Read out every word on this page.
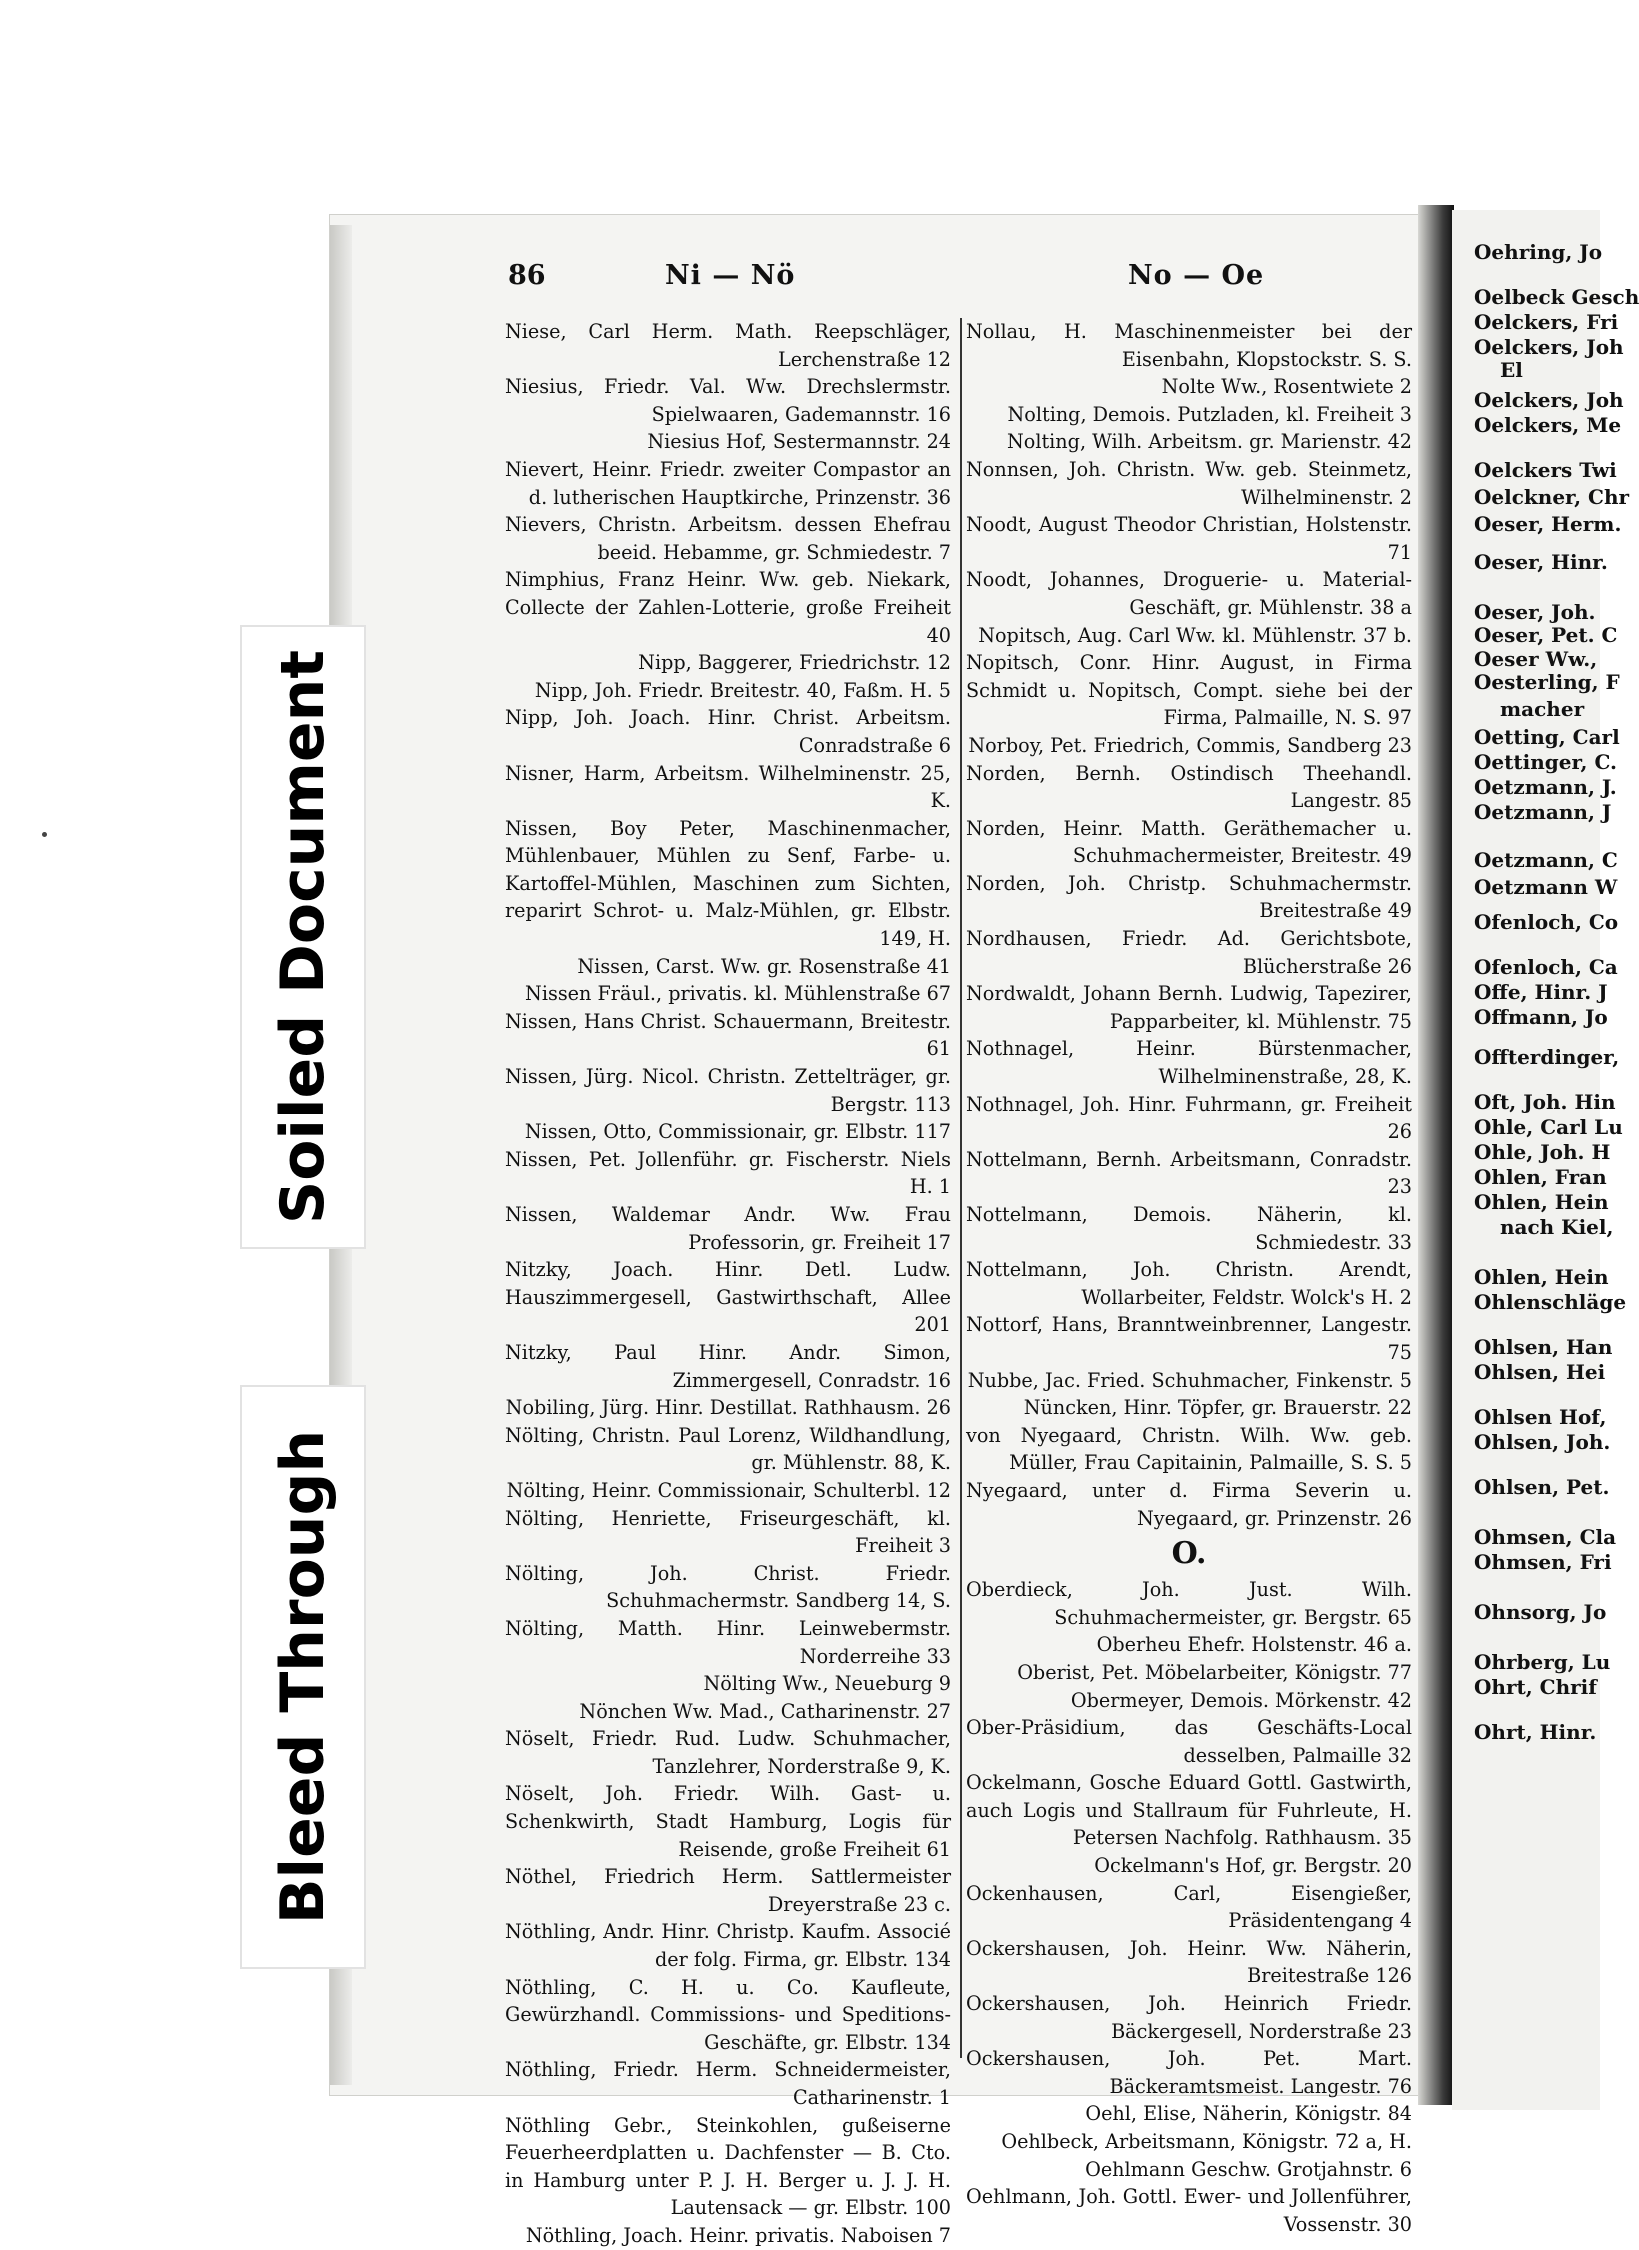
Oehring, Jo
Oelbeck Gesch
Oelckers, Fri
Oelckers, Joh
El
Oelckers, Joh
Oelckers, Me
Oelckers Twi
Oelckner, Chr
Oeser, Herm.
Oeser, Hinr.
Oeser, Joh.
Oeser, Pet. C
Oeser Ww.,
Oesterling, F
macher
Oetting, Carl
Oettinger, C.
Oetzmann, J.
Oetzmann, J
Oetzmann, C
Oetzmann W
Ofenloch, Co
Ofenloch, Ca
Offe, Hinr. J
Offmann, Jo
Offterdinger,
Oft, Joh. Hin
Ohle, Carl Lu
Ohle, Joh. H
Ohlen, Fran
Ohlen, Hein
nach Kiel,
Ohlen, Hein
Ohlenschläge
Ohlsen, Han
Ohlsen, Hei
Ohlsen Hof,
Ohlsen, Joh.
Ohlsen, Pet.
Ohmsen, Cla
Ohmsen, Fri
Ohnsorg, Jo
Ohrberg, Lu
Ohrt, Chrif
Ohrt, Hinr.
86	Ni — Nö	No — Oe

Niese, Carl Herm. Math. Reepschläger, Lerchenstraße 12

Niesius, Friedr. Val. Ww. Drechslermstr. Spielwaaren, Gademannstr. 16

Niesius Hof, Sestermannstr. 24

Nievert, Heinr. Friedr. zweiter Compastor an d. lutherischen Hauptkirche, Prinzenstr. 36

Nievers, Christn. Arbeitsm. dessen Ehefrau beeid. Hebamme, gr. Schmiedestr. 7

Nimphius, Franz Heinr. Ww. geb. Niekark, Collecte der Zahlen-Lotterie, große Freiheit 40

Nipp, Baggerer, Friedrichstr. 12

Nipp, Joh. Friedr. Breitestr. 40, Faßm. H. 5

Nipp, Joh. Joach. Hinr. Christ. Arbeitsm. Conradstraße 6

Nisner, Harm, Arbeitsm. Wilhelminenstr. 25, K.

Nissen, Boy Peter, Maschinenmacher, Mühlenbauer, Mühlen zu Senf, Farbe- u. Kartoffel-Mühlen, Maschinen zum Sichten, reparirt Schrot- u. Malz-Mühlen, gr. Elbstr. 149, H.

Nissen, Carst. Ww. gr. Rosenstraße 41

Nissen Fräul., privatis. kl. Mühlenstraße 67

Nissen, Hans Christ. Schauermann, Breitestr. 61

Nissen, Jürg. Nicol. Christn. Zettelträger, gr. Bergstr. 113

Nissen, Otto, Commissionair, gr. Elbstr. 117

Nissen, Pet. Jollenführ. gr. Fischerstr. Niels H. 1

Nissen, Waldemar Andr. Ww. Frau Professorin, gr. Freiheit 17

Nitzky, Joach. Hinr. Detl. Ludw. Hauszimmergesell, Gastwirthschaft, Allee 201

Nitzky, Paul Hinr. Andr. Simon, Zimmergesell, Conradstr. 16

Nobiling, Jürg. Hinr. Destillat. Rathhausm. 26

Nölting, Christn. Paul Lorenz, Wildhandlung, gr. Mühlenstr. 88, K.

Nölting, Heinr. Commissionair, Schulterbl. 12

Nölting, Henriette, Friseurgeschäft, kl. Freiheit 3

Nölting, Joh. Christ. Friedr. Schuhmachermstr. Sandberg 14, S.

Nölting, Matth. Hinr. Leinwebermstr. Norderreihe 33

Nölting Ww., Neueburg 9

Nönchen Ww. Mad., Catharinenstr. 27

Nöselt, Friedr. Rud. Ludw. Schuhmacher, Tanzlehrer, Norderstraße 9, K.

Nöselt, Joh. Friedr. Wilh. Gast- u. Schenkwirth, Stadt Hamburg, Logis für Reisende, große Freiheit 61

Nöthel, Friedrich Herm. Sattlermeister Dreyerstraße 23 c.

Nöthling, Andr. Hinr. Christp. Kaufm. Associé der folg. Firma, gr. Elbstr. 134

Nöthling, C. H. u. Co. Kaufleute, Gewürzhandl. Commissions- und Speditions-Geschäfte, gr. Elbstr. 134

Nöthling, Friedr. Herm. Schneidermeister, Catharinenstr. 1

Nöthling Gebr., Steinkohlen, gußeiserne Feuerheerdplatten u. Dachfenster — B. Cto. in Hamburg unter P. J. H. Berger u. J. J. H. Lautensack — gr. Elbstr. 100

Nöthling, Joach. Heinr. privatis. Naboisen 7

Nollau, H. Maschinenmeister bei der Eisenbahn, Klopstockstr. S. S.

Nolte Ww., Rosentwiete 2

Nolting, Demois. Putzladen, kl. Freiheit 3

Nolting, Wilh. Arbeitsm. gr. Marienstr. 42

Nonnsen, Joh. Christn. Ww. geb. Steinmetz, Wilhelminenstr. 2

Noodt, August Theodor Christian, Holstenstr. 71

Noodt, Johannes, Droguerie- u. Material-Geschäft, gr. Mühlenstr. 38 a

Nopitsch, Aug. Carl Ww. kl. Mühlenstr. 37 b.

Nopitsch, Conr. Hinr. August, in Firma Schmidt u. Nopitsch, Compt. siehe bei der Firma, Palmaille, N. S. 97

Norboy, Pet. Friedrich, Commis, Sandberg 23

Norden, Bernh. Ostindisch Theehandl. Langestr. 85

Norden, Heinr. Matth. Geräthemacher u. Schuhmachermeister, Breitestr. 49

Norden, Joh. Christp. Schuhmachermstr. Breitestraße 49

Nordhausen, Friedr. Ad. Gerichtsbote, Blücherstraße 26

Nordwaldt, Johann Bernh. Ludwig, Tapezirer, Papparbeiter, kl. Mühlenstr. 75

Nothnagel, Heinr. Bürstenmacher, Wilhelminenstraße, 28, K.

Nothnagel, Joh. Hinr. Fuhrmann, gr. Freiheit 26

Nottelmann, Bernh. Arbeitsmann, Conradstr. 23

Nottelmann, Demois. Näherin, kl. Schmiedestr. 33

Nottelmann, Joh. Christn. Arendt, Wollarbeiter, Feldstr. Wolck's H. 2

Nottorf, Hans, Branntweinbrenner, Langestr. 75

Nubbe, Jac. Fried. Schuhmacher, Finkenstr. 5

Nüncken, Hinr. Töpfer, gr. Brauerstr. 22

von Nyegaard, Christn. Wilh. Ww. geb. Müller, Frau Capitainin, Palmaille, S. S. 5

Nyegaard, unter d. Firma Severin u. Nyegaard, gr. Prinzenstr. 26

O.

Oberdieck, Joh. Just. Wilh. Schuhmachermeister, gr. Bergstr. 65

Oberheu Ehefr. Holstenstr. 46 a.

Oberist, Pet. Möbelarbeiter, Königstr. 77

Obermeyer, Demois. Mörkenstr. 42

Ober-Präsidium, das Geschäfts-Local desselben, Palmaille 32

Ockelmann, Gosche Eduard Gottl. Gastwirth, auch Logis und Stallraum für Fuhrleute, H. Petersen Nachfolg. Rathhausm. 35

Ockelmann's Hof, gr. Bergstr. 20

Ockenhausen, Carl, Eisengießer, Präsidentengang 4

Ockershausen, Joh. Heinr. Ww. Näherin, Breitestraße 126

Ockershausen, Joh. Heinrich Friedr. Bäckergesell, Norderstraße 23

Ockershausen, Joh. Pet. Mart. Bäckeramtsmeist. Langestr. 76

Oehl, Elise, Näherin, Königstr. 84

Oehlbeck, Arbeitsmann, Königstr. 72 a, H.

Oehlmann Geschw. Grotjahnstr. 6

Oehlmann, Joh. Gottl. Ewer- und Jollenführer, Vossenstr. 30

Soiled Document
Bleed Through
